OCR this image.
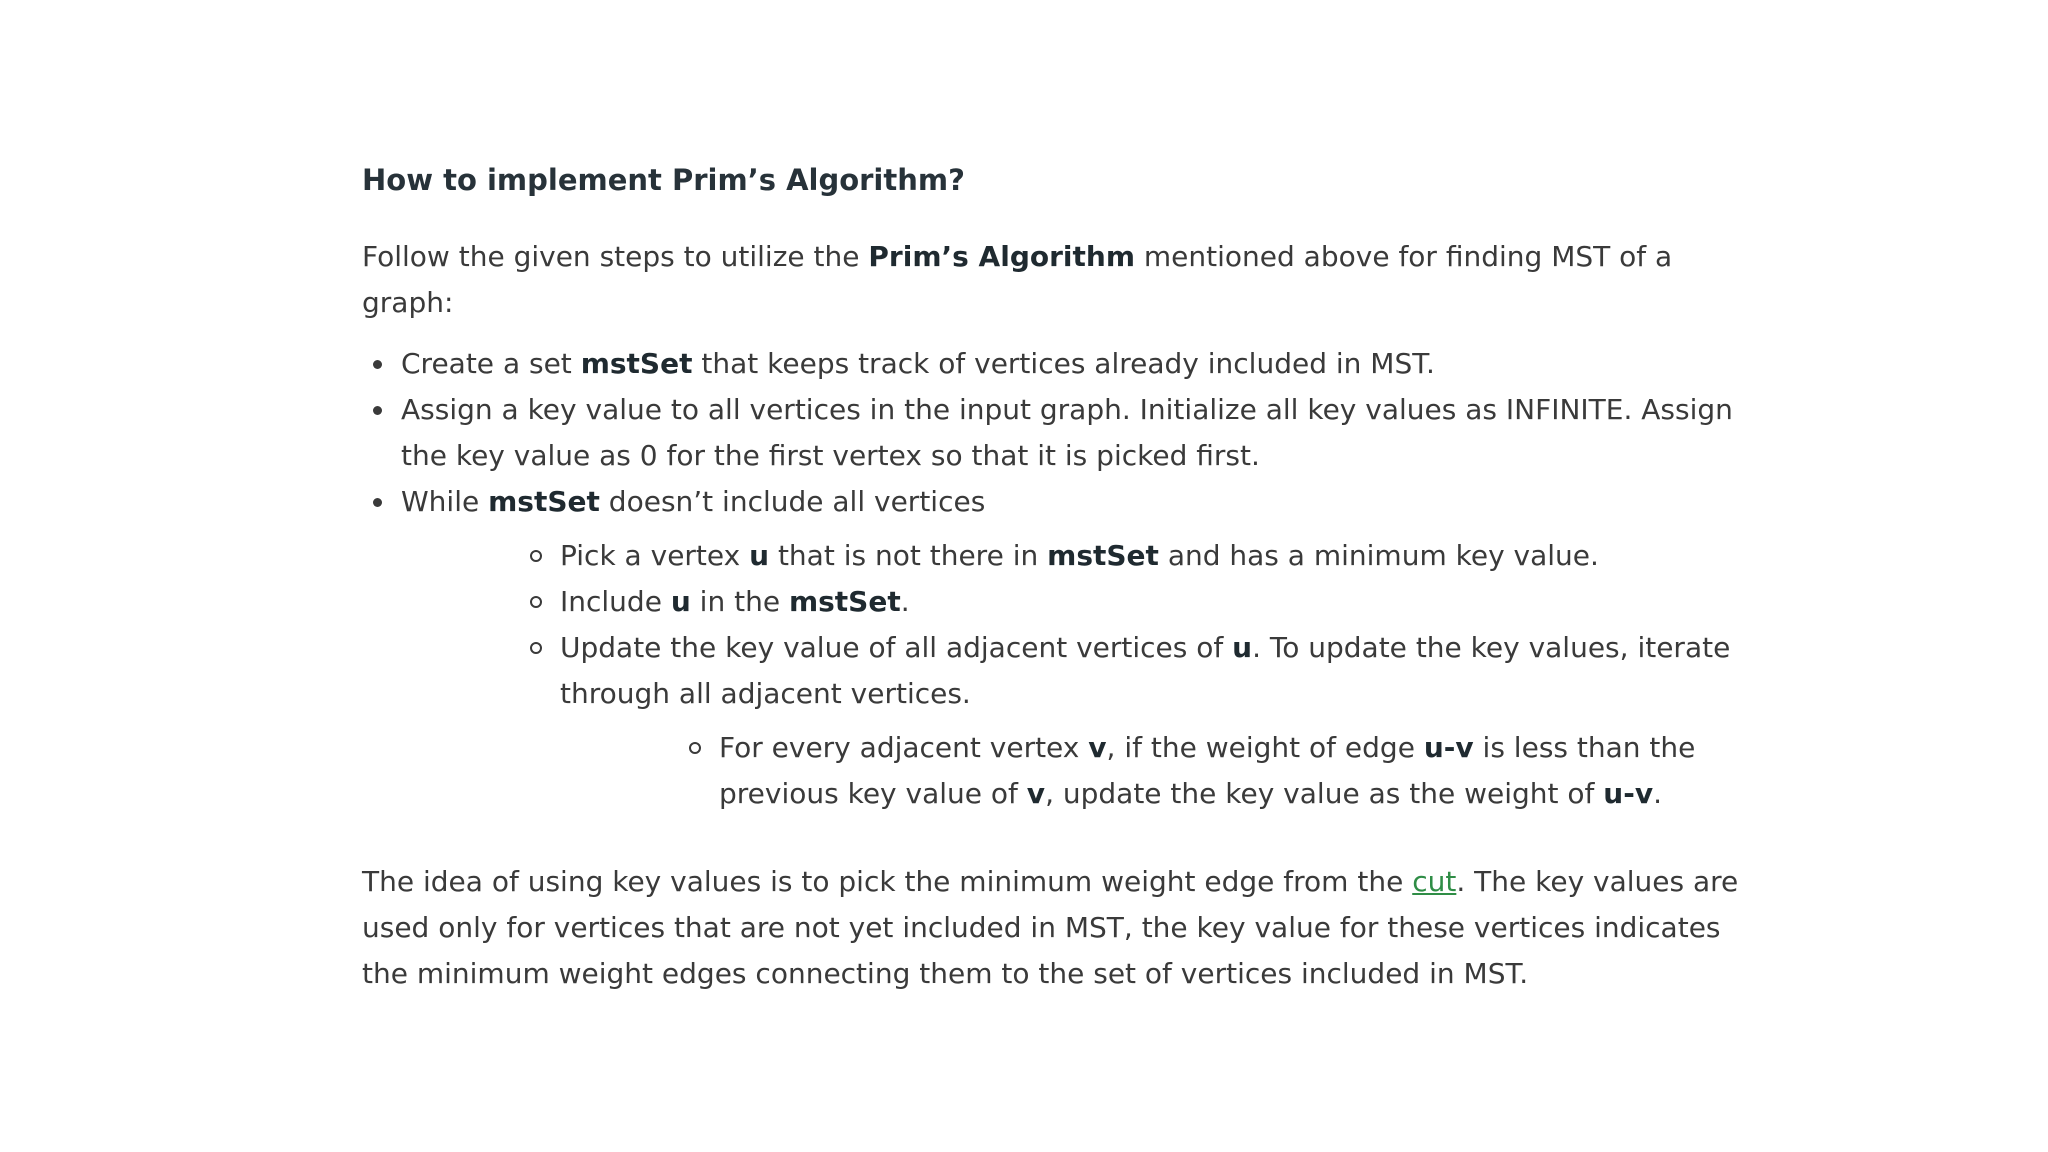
How to implement Prim’s Algorithm?

Follow the given steps to utilize the Prim’s Algorithm mentioned above for finding MST of a graph:

Create a set mstSet that keeps track of vertices already included in MST.
Assign a key value to all vertices in the input graph. Initialize all key values as INFINITE. Assign the key value as 0 for the first vertex so that it is picked first.
While mstSet doesn’t include all vertices
Pick a vertex u that is not there in mstSet and has a minimum key value.
Include u in the mstSet.
Update the key value of all adjacent vertices of u. To update the key values, iterate through all adjacent vertices.
For every adjacent vertex v, if the weight of edge u-v is less than the previous key value of v, update the key value as the weight of u-v.

The idea of using key values is to pick the minimum weight edge from the cut. The key values are used only for vertices that are not yet included in MST, the key value for these vertices indicates the minimum weight edges connecting them to the set of vertices included in MST.
